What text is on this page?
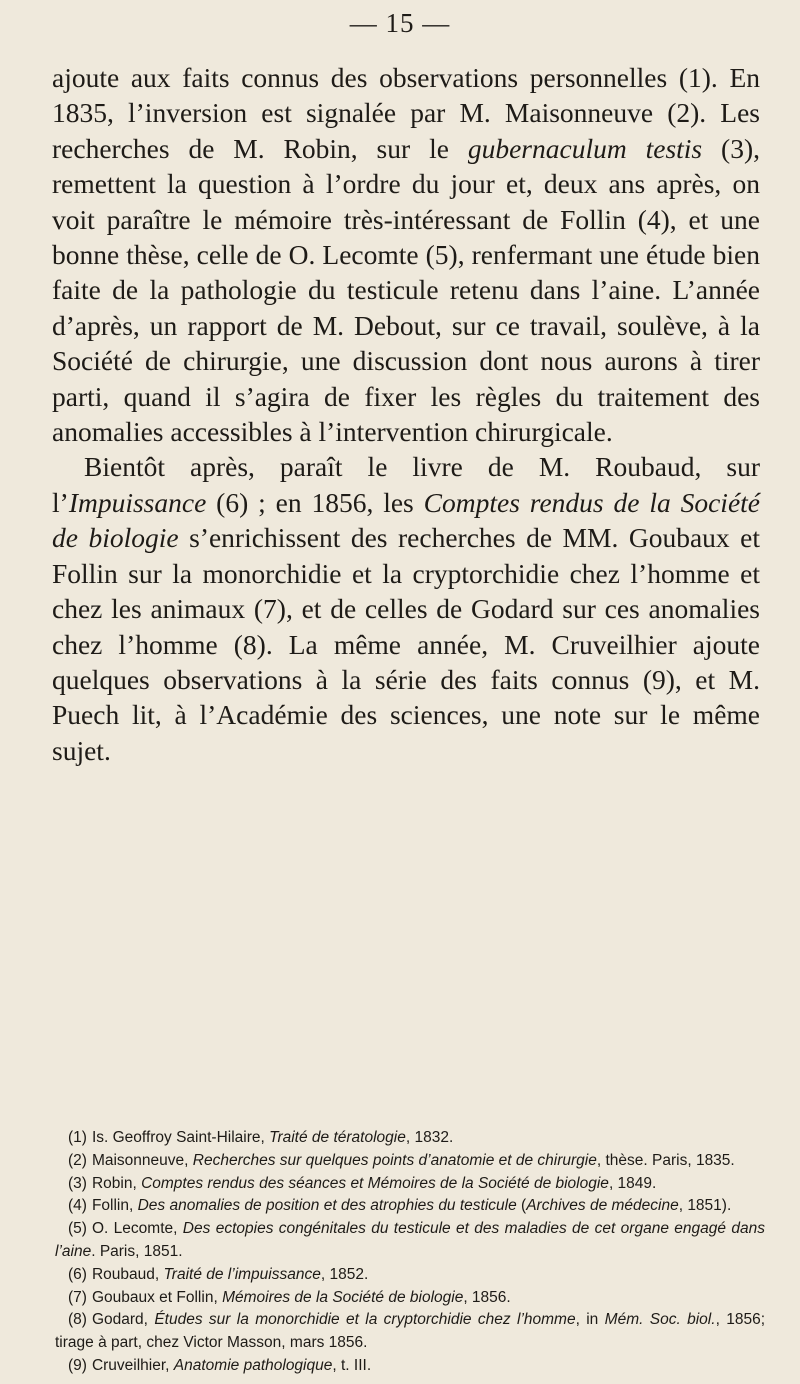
— 15 —

ajoute aux faits connus des observations personnelles (1). En 1835, l’inversion est signalée par M. Maisonneuve (2). Les recherches de M. Robin, sur le gubernaculum testis (3), remettent la question à l’ordre du jour et, deux ans après, on voit paraître le mémoire très-intéressant de Follin (4), et une bonne thèse, celle de O. Lecomte (5), renfermant une étude bien faite de la pathologie du testicule retenu dans l’aine. L’année d’après, un rapport de M. Debout, sur ce travail, soulève, à la Société de chirurgie, une discussion dont nous aurons à tirer parti, quand il s’agira de fixer les règles du traitement des anomalies accessibles à l’intervention chirurgicale.

Bientôt après, paraît le livre de M. Roubaud, sur l’Impuissance (6) ; en 1856, les Comptes rendus de la Société de biologie s’enrichissent des recherches de MM. Goubaux et Follin sur la monorchidie et la cryptorchidie chez l’homme et chez les animaux (7), et de celles de Godard sur ces anomalies chez l’homme (8). La même année, M. Cruveilhier ajoute quelques observations à la série des faits connus (9), et M. Puech lit, à l’Académie des sciences, une note sur le même sujet.

(1) Is. Geoffroy Saint-Hilaire, Traité de tératologie, 1832.

(2) Maisonneuve, Recherches sur quelques points d’anatomie et de chirurgie, thèse. Paris, 1835.

(3) Robin, Comptes rendus des séances et Mémoires de la Société de biologie, 1849.

(4) Follin, Des anomalies de position et des atrophies du testicule (Archives de médecine, 1851).

(5) O. Lecomte, Des ectopies congénitales du testicule et des maladies de cet organe engagé dans l’aine. Paris, 1851.

(6) Roubaud, Traité de l’impuissance, 1852.

(7) Goubaux et Follin, Mémoires de la Société de biologie, 1856.

(8) Godard, Études sur la monorchidie et la cryptorchidie chez l’homme, in Mém. Soc. biol., 1856; tirage à part, chez Victor Masson, mars 1856.

(9) Cruveilhier, Anatomie pathologique, t. III.
